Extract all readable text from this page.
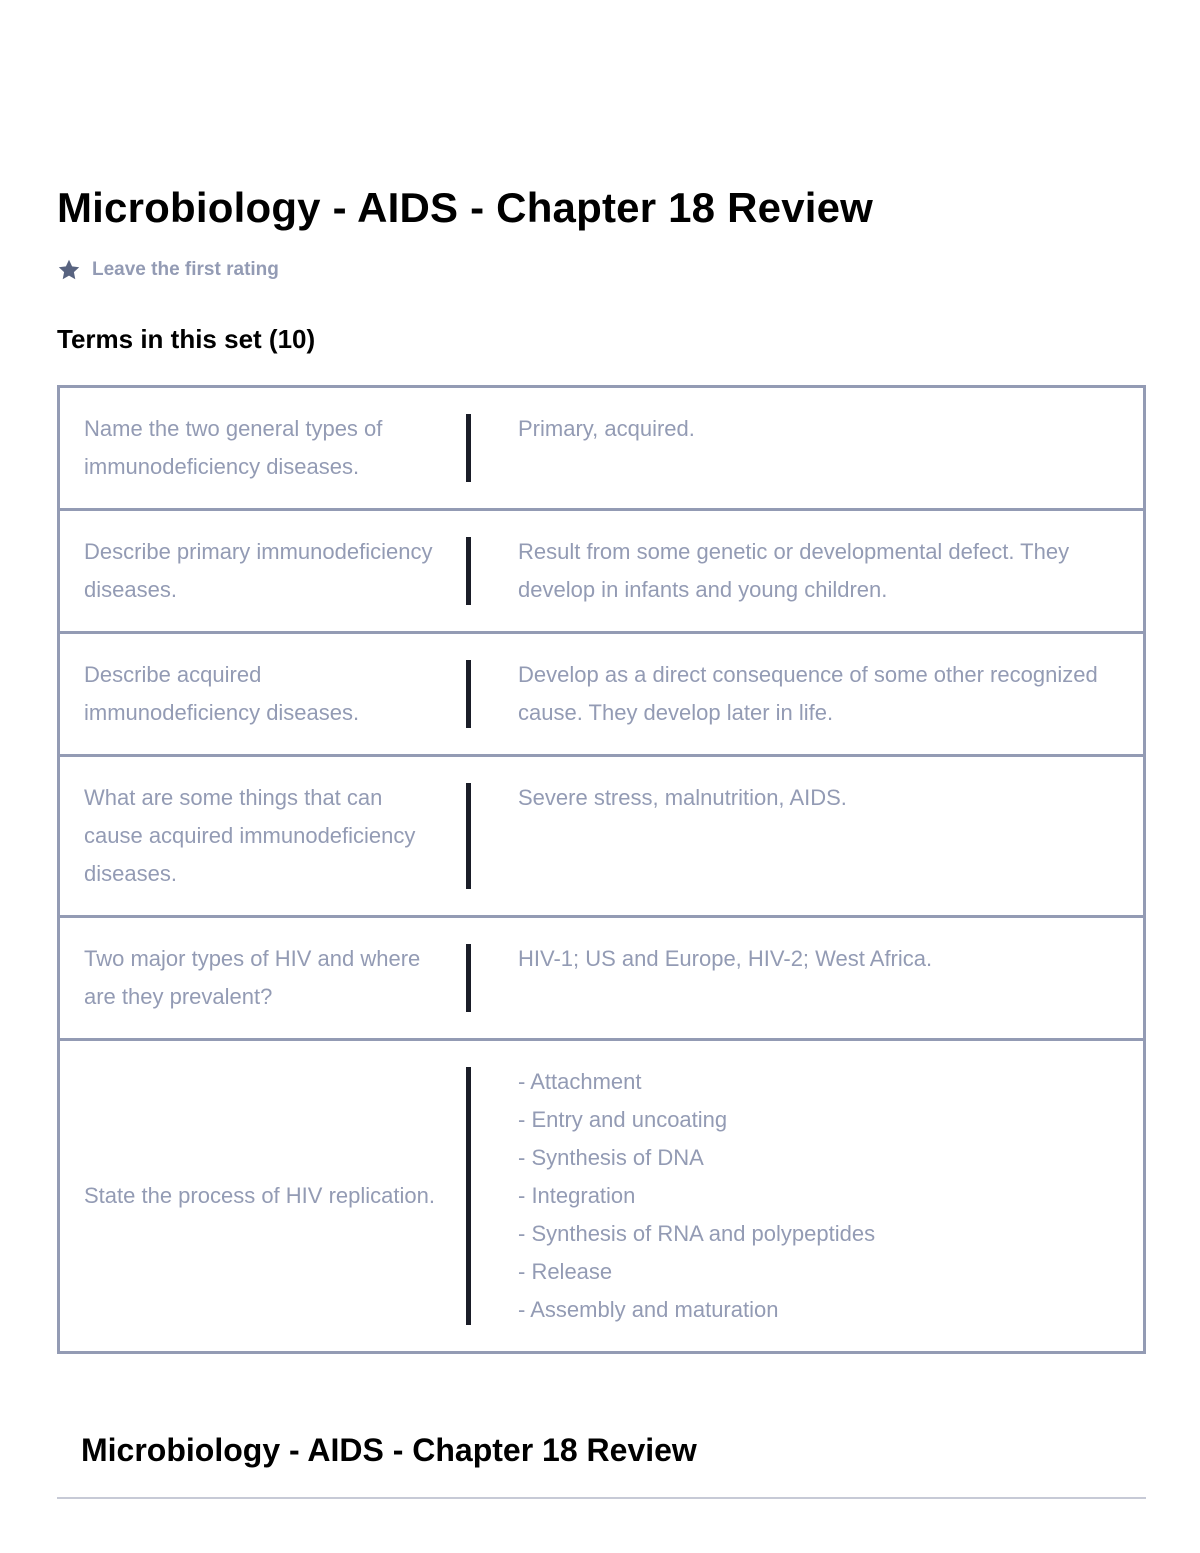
Microbiology - AIDS - Chapter 18 Review
Leave the first rating
Terms in this set (10)
Name the two general types of immunodeficiency diseases.
Primary, acquired.
Describe primary immunodeficiency diseases.
Result from some genetic or developmental defect. They develop in infants and young children.
Describe acquired immunodeficiency diseases.
Develop as a direct consequence of some other recognized cause. They develop later in life.
What are some things that can cause acquired immunodeficiency diseases.
Severe stress, malnutrition, AIDS.
Two major types of HIV and where are they prevalent?
HIV-1; US and Europe, HIV-2; West Africa.
State the process of HIV replication.
- Attachment
- Entry and uncoating
- Synthesis of DNA
- Integration
- Synthesis of RNA and polypeptides
- Release
- Assembly and maturation
Microbiology - AIDS - Chapter 18 Review
